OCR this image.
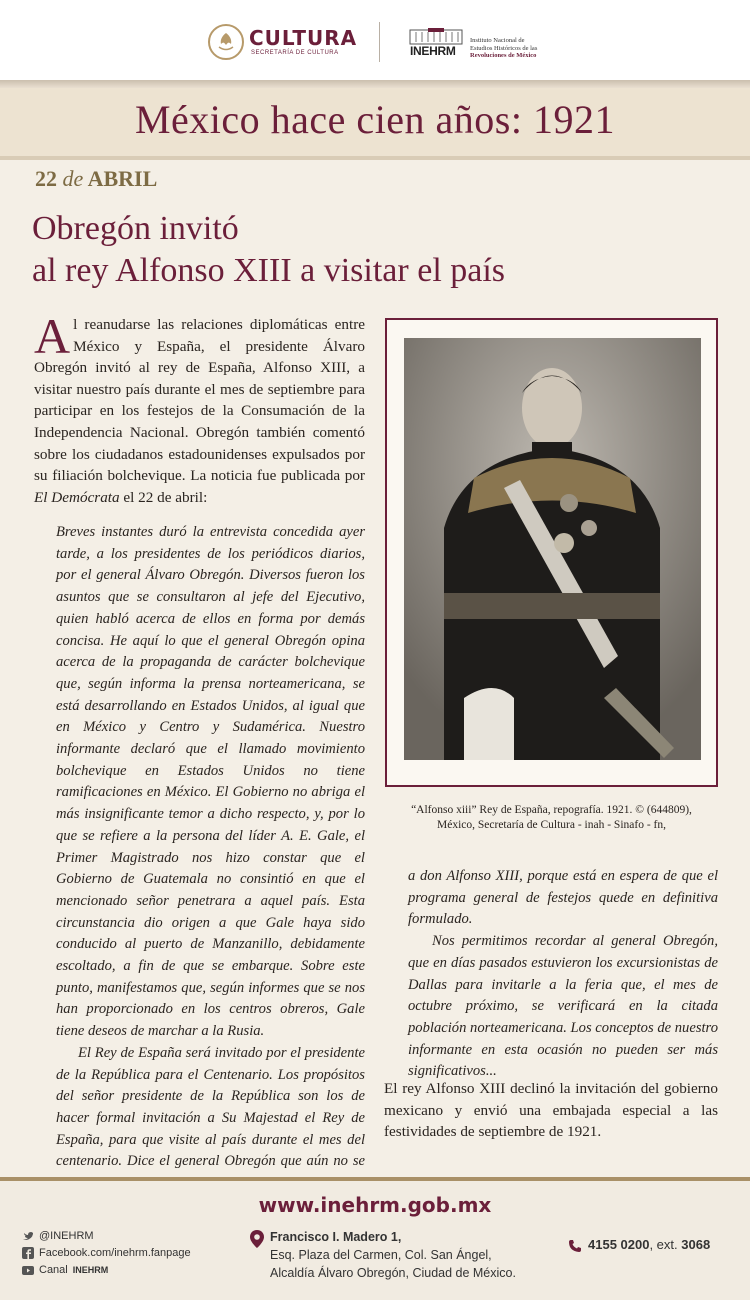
CULTURA
SECRETARÍA DE CULTURA	INEHRM
Instituto Nacional de
Estudios Históricos de las
Revoluciones de México
México hace cien años: 1921
22 de ABRIL
Obregón invitó
al rey Alfonso XIII a visitar el país
Al reanudarse las relaciones diplomáticas entre México y España, el presidente Álvaro Obregón invitó al rey de España, Alfonso XIII, a visitar nuestro país durante el mes de septiembre para participar en los festejos de la Consumación de la Independencia Nacional. Obregón también comentó sobre los ciudadanos estadounidenses expulsados por su filiación bolchevique. La noticia fue publicada por El Demócrata el 22 de abril:

Breves instantes duró la entrevista concedida ayer tarde, a los presidentes de los periódicos diarios, por el general Álvaro Obregón. Diversos fueron los asuntos que se consultaron al jefe del Ejecutivo, quien habló acerca de ellos en forma por demás concisa. He aquí lo que el general Obregón opina acerca de la propaganda de carácter bolchevique que, según informa la prensa norteamericana, se está desarrollando en Estados Unidos, al igual que en México y Centro y Sudamérica. Nuestro informante declaró que el llamado movimiento bolchevique en Estados Unidos no tiene ramificaciones en México. El Gobierno no abriga el más insignificante temor a dicho respecto, y, por lo que se refiere a la persona del líder A. E. Gale, el Primer Magistrado nos hizo constar que el Gobierno de Guatemala no consintió en que el mencionado señor penetrara a aquel país. Esta circunstancia dio origen a que Gale haya sido conducido al puerto de Manzanillo, debidamente escoltado, a fin de que se embarque. Sobre este punto, manifestamos que, según informes que se nos han proporcionado en los centros obreros, Gale tiene deseos de marchar a la Rusia.

El Rey de España será invitado por el presidente de la República para el Centenario. Los propósitos del señor presidente de la República son los de hacer formal invitación a Su Majestad el Rey de España, para que visite al país durante el mes del centenario. Dice el general Obregón que aún no se

“Alfonso xiii” Rey de España, repografía. 1921. © (644809),
México, Secretaría de Cultura - inah - Sinafo - fn,

a don Alfonso XIII, porque está en espera de que el programa general de festejos quede en definitiva formulado.

Nos permitimos recordar al general Obregón, que en días pasados estuvieron los excursionistas de Dallas para invitarle a la feria que, el mes de octubre próximo, se verificará en la citada población norteamericana. Los conceptos de nuestro informante en esta ocasión no pueden ser más significativos...

El rey Alfonso XIII declinó la invitación del gobierno mexicano y envió una embajada especial a las festividades de septiembre de 1921.
www.inehrm.gob.mx
@INEHRM
Facebook.com/inehrm.fanpage
Canal INEHRM
Francisco I. Madero 1,
Esq. Plaza del Carmen, Col. San Ángel,
Alcaldía Álvaro Obregón, Ciudad de México.
4155 0200, ext. 3068
